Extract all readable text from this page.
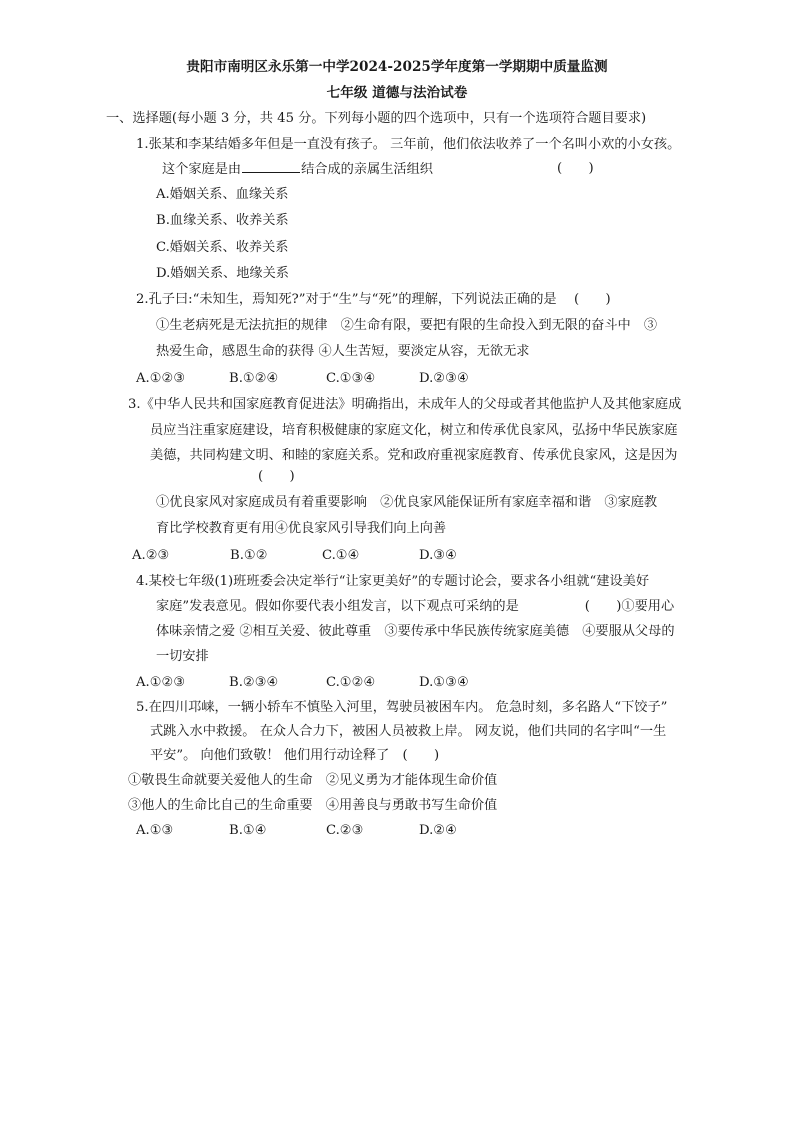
贵阳市南明区永乐第一中学2024-2025学年度第一学期期中质量监测
七年级 道德与法治试卷
一、选择题(每小题 3 分，共 45 分。下列每小题的四个选项中，只有一个选项符合题目要求)
1.张某和李某结婚多年但是一直没有孩子。 三年前，他们依法收养了一个名叫小欢的小女孩。
这个家庭是由	结合成的亲属生活组织	(　　)
A.婚姻关系、血缘关系
B.血缘关系、收养关系
C.婚姻关系、收养关系
D.婚姻关系、地缘关系
2.孔子曰:“未知生，焉知死?”对于“生”与“死”的理解，下列说法正确的是 　(　　)
①生老病死是无法抗拒的规律　②生命有限，要把有限的生命投入到无限的奋斗中　③
热爱生命，感恩生命的获得 ④人生苦短，要淡定从容，无欲无求
A.①②③	B.①②④	C.①③④	D.②③④
3.《中华人民共和国家庭教育促进法》明确指出，未成年人的父母或者其他监护人及其他家庭成
员应当注重家庭建设，培育积极健康的家庭文化，树立和传承优良家风，弘扬中华民族家庭
美德，共同构建文明、和睦的家庭关系。党和政府重视家庭教育、传承优良家风，这是因为
(　　)
①优良家风对家庭成员有着重要影响　②优良家风能保证所有家庭幸福和谐　③家庭教
育比学校教育更有用④优良家风引导我们向上向善
A.②③	B.①②	C.①④	D.③④
4.某校七年级(1)班班委会决定举行“让家更美好”的专题讨论会，要求各小组就“建设美好
家庭”发表意见。假如你要代表小组发言，以下观点可采纳的是　　　　　(　　)①要用心
体味亲情之爱 ②相互关爱、彼此尊重　③要传承中华民族传统家庭美德　④要服从父母的
一切安排
A.①②③	B.②③④	C.①②④	D.①③④
5.在四川邛崃，一辆小轿车不慎坠入河里，驾驶员被困车内。 危急时刻，多名路人“下饺子”
式跳入水中救援。 在众人合力下，被困人员被救上岸。 网友说，他们共同的名字叫“一生
平安”。 向他们致敬！ 他们用行动诠释了　(　　)
①敬畏生命就要关爱他人的生命　②见义勇为才能体现生命价值
③他人的生命比自己的生命重要　④用善良与勇敢书写生命价值
A.①③	B.①④	C.②③	D.②④
